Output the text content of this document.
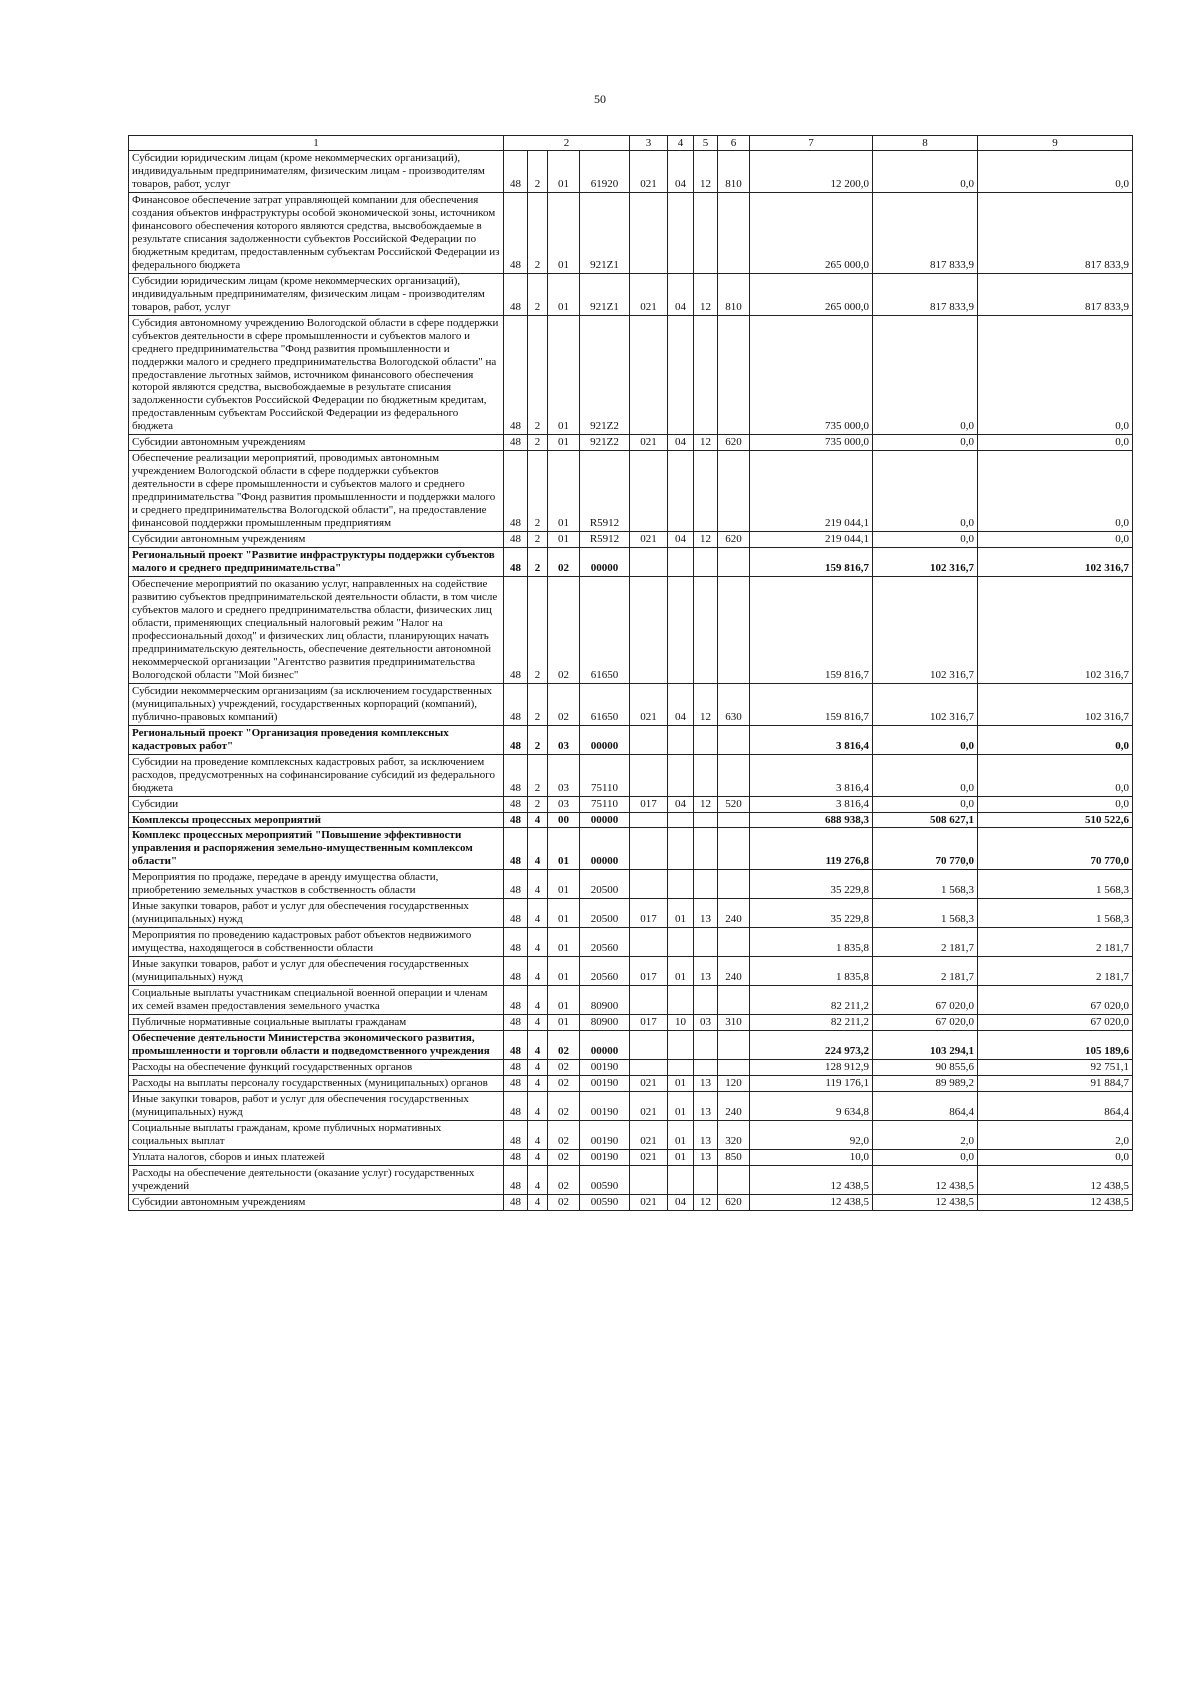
50
1	2				3	4	5	6	7	8	9
Субсидии юридическим лицам (кроме некоммерческих организаций), индивидуальным предпринимателям, физическим лицам - производителям товаров, работ, услуг	48	2	01	61920	021	04	12	810	12 200,0	0,0	0,0
Финансовое обеспечение затрат управляющей компании для обеспечения создания объектов инфраструктуры особой экономической зоны, источником финансового обеспечения которого являются средства, высвобождаемые в результате списания задолженности субъектов Российской Федерации по бюджетным кредитам, предоставленным субъектам Российской Федерации из федерального бюджета	48	2	01	921Z1					265 000,0	817 833,9	817 833,9
Субсидии юридическим лицам (кроме некоммерческих организаций), индивидуальным предпринимателям, физическим лицам - производителям товаров, работ, услуг	48	2	01	921Z1	021	04	12	810	265 000,0	817 833,9	817 833,9
Субсидия автономному учреждению Вологодской области в сфере поддержки субъектов деятельности в сфере промышленности и субъектов малого и среднего предпринимательства "Фонд развития промышленности и поддержки малого и среднего предпринимательства Вологодской области" на предоставление льготных займов, источником финансового обеспечения которой являются средства, высвобождаемые в результате списания задолженности субъектов Российской Федерации по бюджетным кредитам, предоставленным субъектам Российской Федерации из федерального бюджета	48	2	01	921Z2					735 000,0	0,0	0,0
Субсидии автономным учреждениям	48	2	01	921Z2	021	04	12	620	735 000,0	0,0	0,0
Обеспечение реализации мероприятий, проводимых автономным учреждением Вологодской области в сфере поддержки субъектов деятельности в сфере промышленности и субъектов малого и среднего предпринимательства "Фонд развития промышленности и поддержки малого и среднего предпринимательства Вологодской области", на предоставление финансовой поддержки промышленным предприятиям	48	2	01	R5912					219 044,1	0,0	0,0
Субсидии автономным учреждениям	48	2	01	R5912	021	04	12	620	219 044,1	0,0	0,0
Региональный проект "Развитие инфраструктуры поддержки субъектов малого и среднего предпринимательства"	48	2	02	00000					159 816,7	102 316,7	102 316,7
Обеспечение мероприятий по оказанию услуг, направленных на содействие развитию субъектов предпринимательской деятельности области, в том числе субъектов малого и среднего предпринимательства области, физических лиц области, применяющих специальный налоговый режим "Налог на профессиональный доход" и физических лиц области, планирующих начать предпринимательскую деятельность, обеспечение деятельности автономной некоммерческой организации "Агентство развития предпринимательства Вологодской области "Мой бизнес"	48	2	02	61650					159 816,7	102 316,7	102 316,7
Субсидии некоммерческим организациям (за исключением государственных (муниципальных) учреждений, государственных корпораций (компаний), публично-правовых компаний)	48	2	02	61650	021	04	12	630	159 816,7	102 316,7	102 316,7
Региональный проект "Организация проведения комплексных кадастровых работ"	48	2	03	00000					3 816,4	0,0	0,0
Субсидии на проведение комплексных кадастровых работ, за исключением расходов, предусмотренных на софинансирование субсидий из федерального бюджета	48	2	03	75110					3 816,4	0,0	0,0
Субсидии	48	2	03	75110	017	04	12	520	3 816,4	0,0	0,0
Комплексы процессных мероприятий	48	4	00	00000					688 938,3	508 627,1	510 522,6
Комплекс процессных мероприятий "Повышение эффективности управления и распоряжения земельно-имущественным комплексом области"	48	4	01	00000					119 276,8	70 770,0	70 770,0
Мероприятия по продаже, передаче в аренду имущества области, приобретению земельных участков в собственность области	48	4	01	20500					35 229,8	1 568,3	1 568,3
Иные закупки товаров, работ и услуг для обеспечения государственных (муниципальных) нужд	48	4	01	20500	017	01	13	240	35 229,8	1 568,3	1 568,3
Мероприятия по проведению кадастровых работ объектов недвижимого имущества, находящегося в собственности области	48	4	01	20560					1 835,8	2 181,7	2 181,7
Иные закупки товаров, работ и услуг для обеспечения государственных (муниципальных) нужд	48	4	01	20560	017	01	13	240	1 835,8	2 181,7	2 181,7
Социальные выплаты участникам специальной военной операции и членам их семей взамен предоставления земельного участка	48	4	01	80900					82 211,2	67 020,0	67 020,0
Публичные нормативные социальные выплаты гражданам	48	4	01	80900	017	10	03	310	82 211,2	67 020,0	67 020,0
Обеспечение деятельности Министерства экономического развития, промышленности и торговли области и подведомственного учреждения	48	4	02	00000					224 973,2	103 294,1	105 189,6
Расходы на обеспечение функций государственных органов	48	4	02	00190					128 912,9	90 855,6	92 751,1
Расходы на выплаты персоналу государственных (муниципальных) органов	48	4	02	00190	021	01	13	120	119 176,1	89 989,2	91 884,7
Иные закупки товаров, работ и услуг для обеспечения государственных (муниципальных) нужд	48	4	02	00190	021	01	13	240	9 634,8	864,4	864,4
Социальные выплаты гражданам, кроме публичных нормативных социальных выплат	48	4	02	00190	021	01	13	320	92,0	2,0	2,0
Уплата налогов, сборов и иных платежей	48	4	02	00190	021	01	13	850	10,0	0,0	0,0
Расходы на обеспечение деятельности (оказание услуг) государственных учреждений	48	4	02	00590					12 438,5	12 438,5	12 438,5
Субсидии автономным учреждениям	48	4	02	00590	021	04	12	620	12 438,5	12 438,5	12 438,5
